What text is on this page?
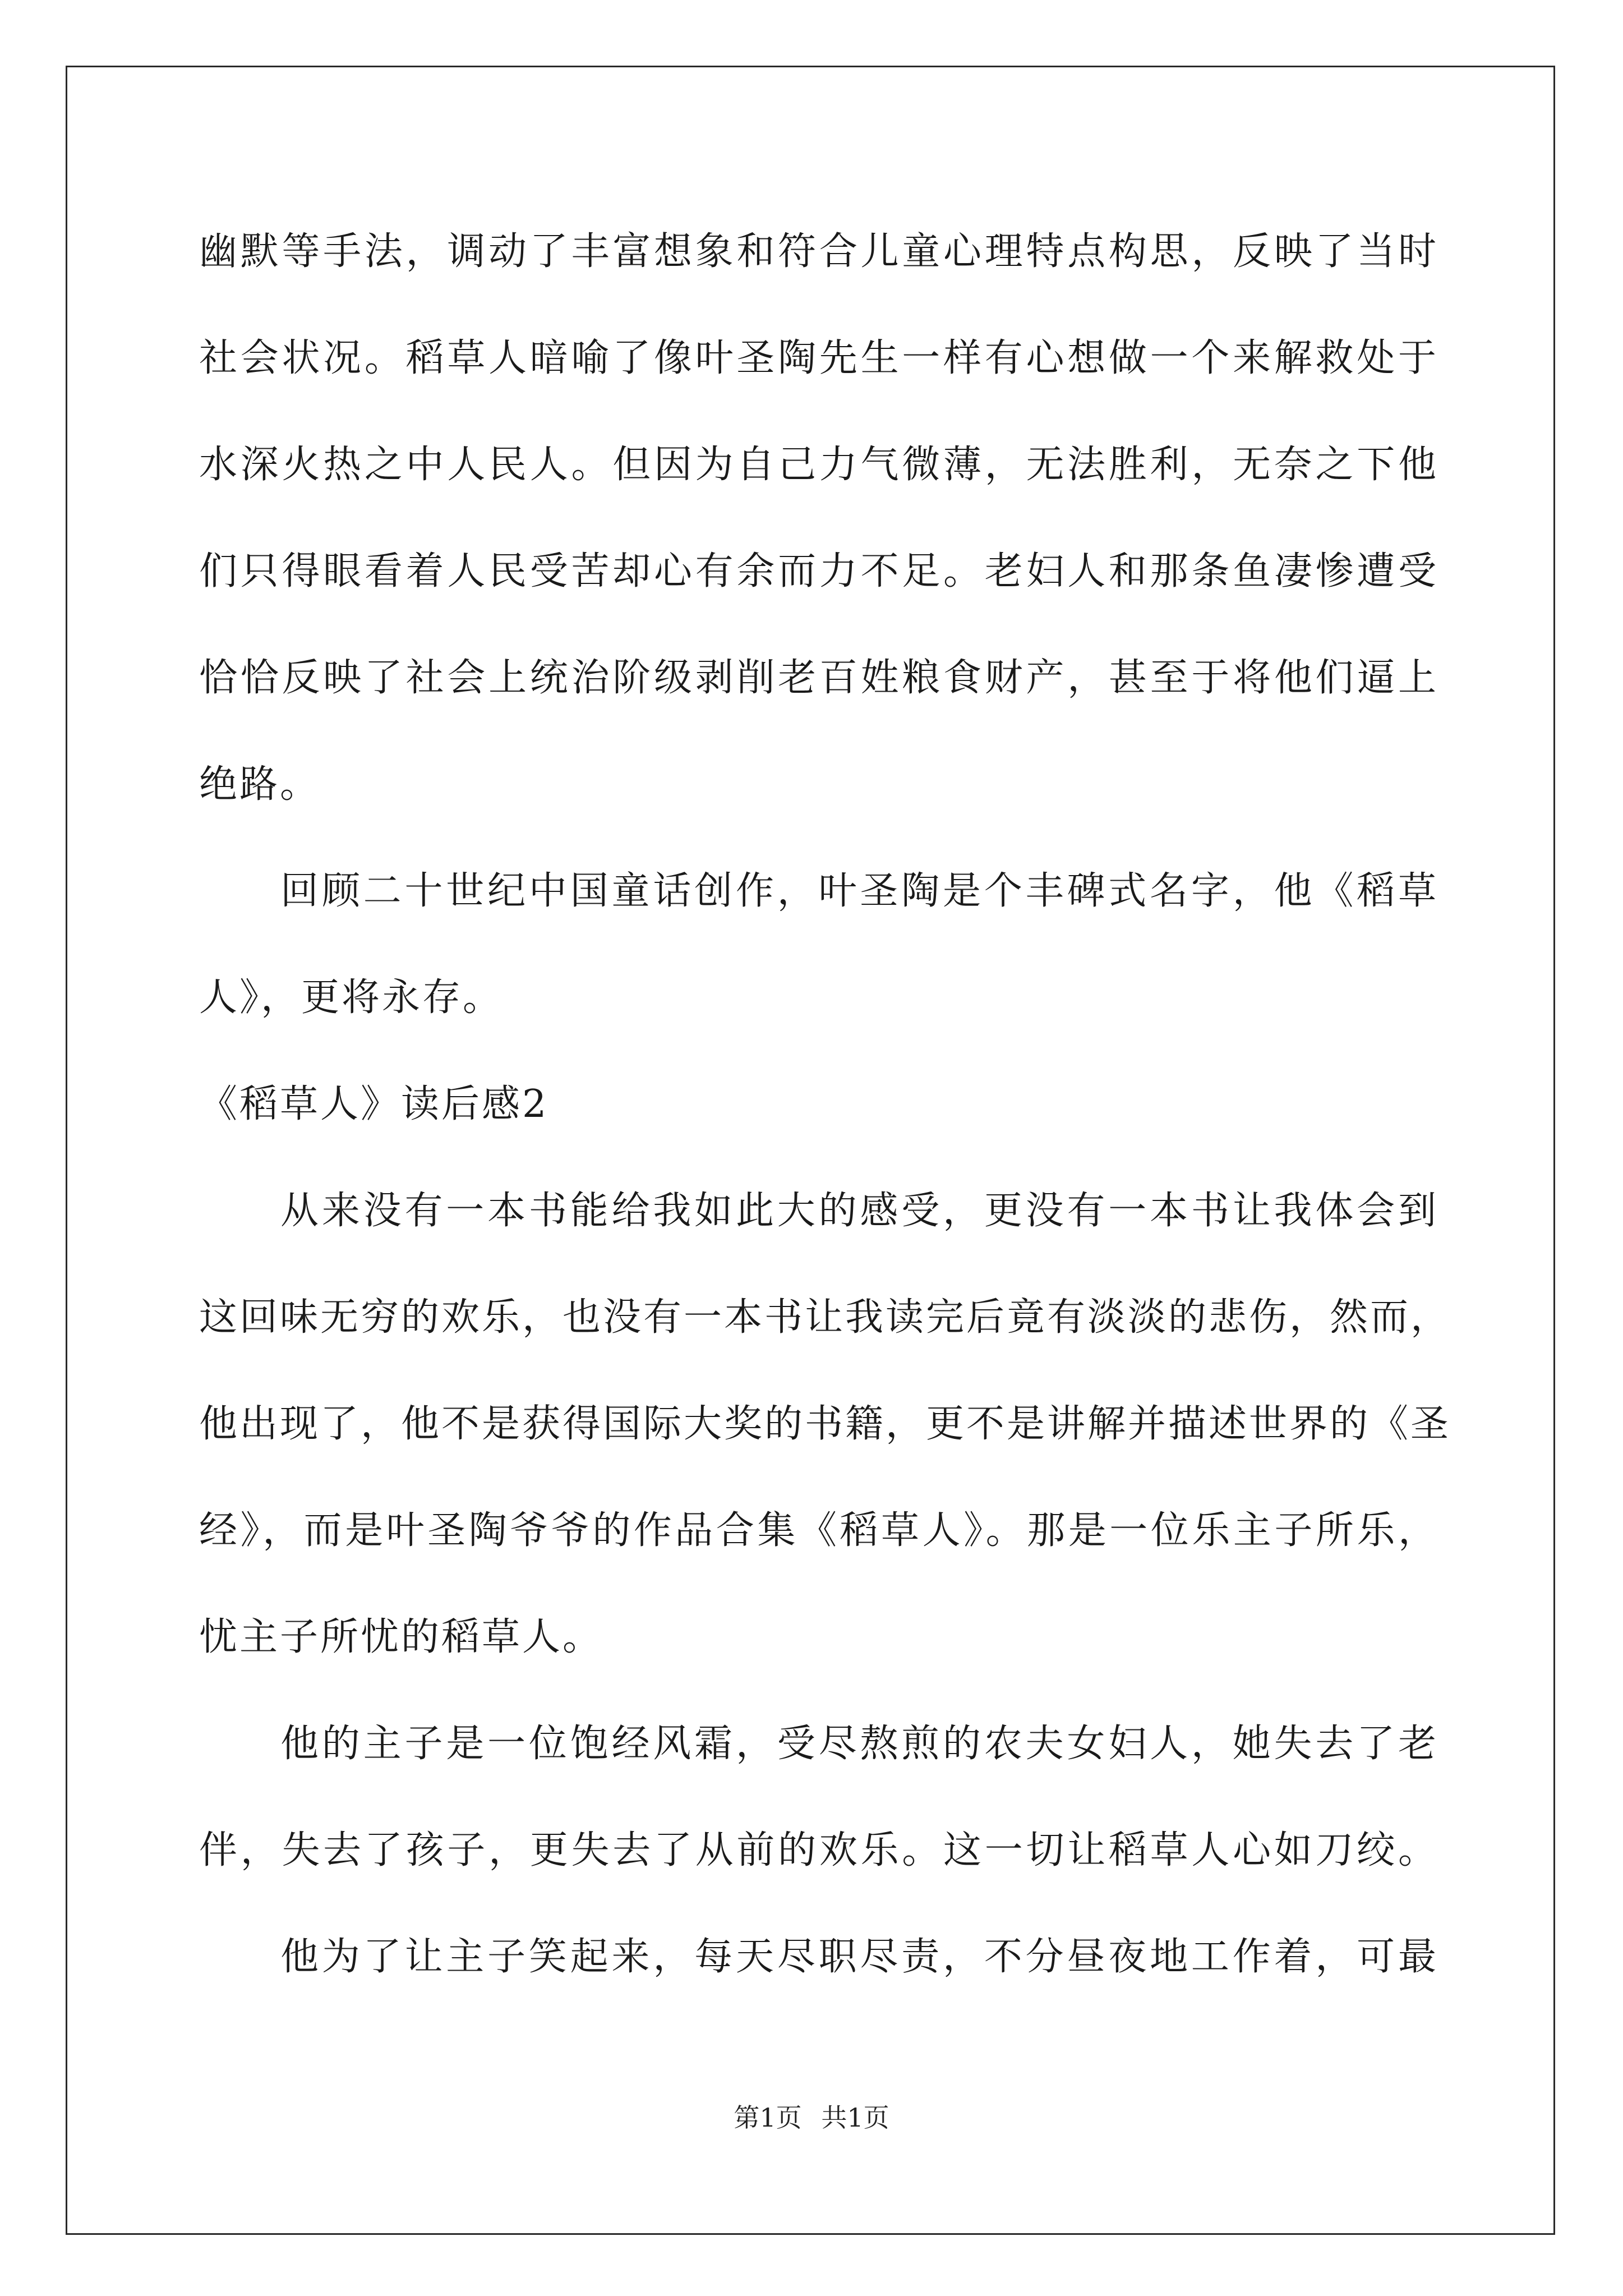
幽默等手法，调动了丰富想象和符合儿童心理特点构思，反映了当时
社会状况。稻草人暗喻了像叶圣陶先生一样有心想做一个来解救处于
水深火热之中人民人。但因为自己力气微薄，无法胜利，无奈之下他
们只得眼看着人民受苦却心有余而力不足。老妇人和那条鱼凄惨遭受
恰恰反映了社会上统治阶级剥削老百姓粮食财产，甚至于将他们逼上
绝路。
回顾二十世纪中国童话创作，叶圣陶是个丰碑式名字，他《稻草
人》，更将永存。
《稻草人》读后感2
从来没有一本书能给我如此大的感受，更没有一本书让我体会到
这回味无穷的欢乐，也没有一本书让我读完后竟有淡淡的悲伤，然而，
他出现了，他不是获得国际大奖的书籍，更不是讲解并描述世界的《圣
经》，而是叶圣陶爷爷的作品合集《稻草人》。那是一位乐主子所乐，
忧主子所忧的稻草人。
他的主子是一位饱经风霜，受尽熬煎的农夫女妇人，她失去了老
伴，失去了孩子，更失去了从前的欢乐。这一切让稻草人心如刀绞。
他为了让主子笑起来，每天尽职尽责，不分昼夜地工作着，可最
第1页 共1页
